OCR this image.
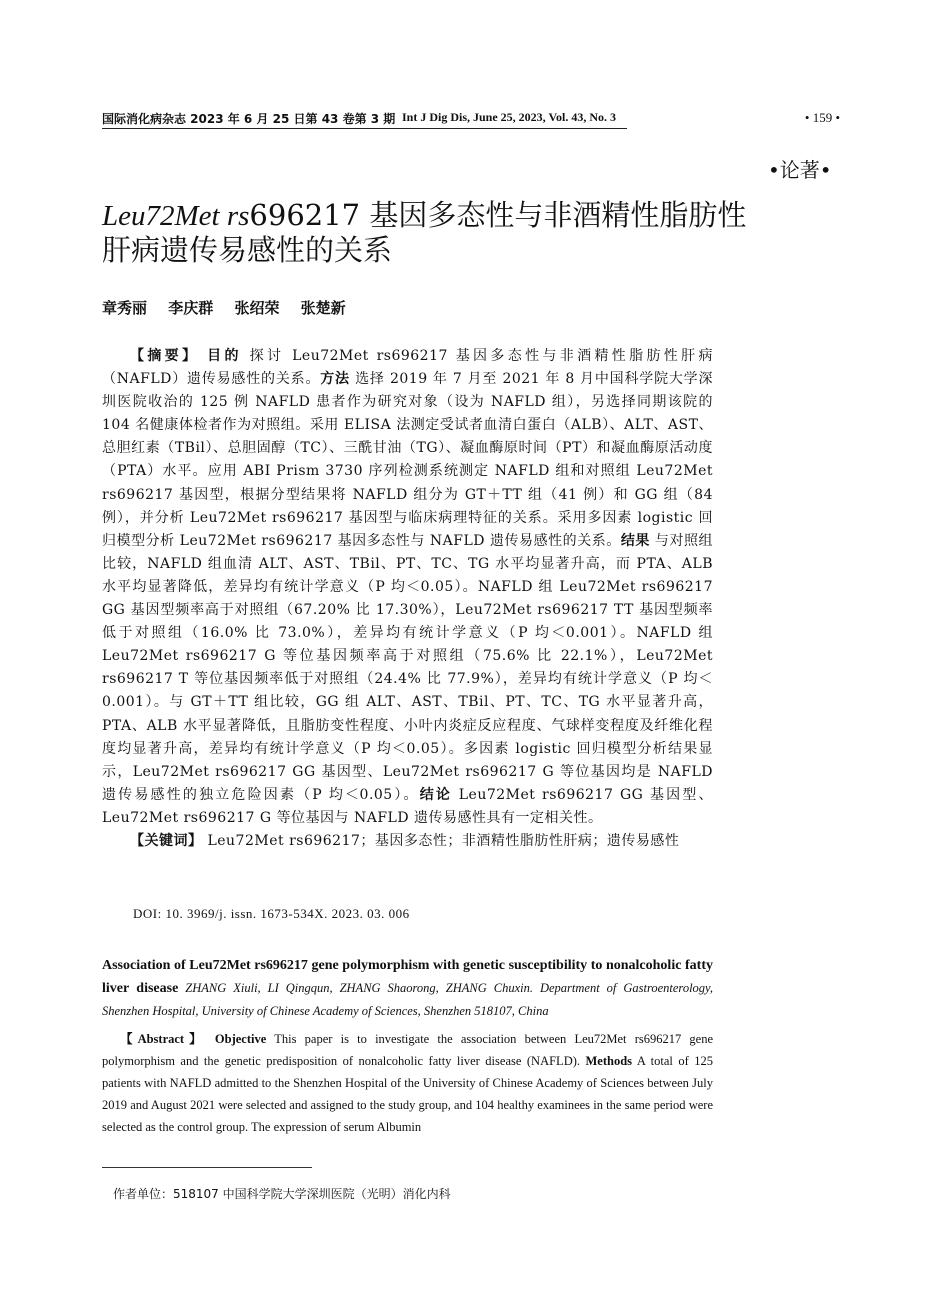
国际消化病杂志 2023 年 6 月 25 日第 43 卷第 3 期 Int J Dig Dis, June 25, 2023, Vol. 43, No. 3	• 159 •
•论著•
Leu72Met rs696217 基因多态性与非酒精性脂肪性
肝病遗传易感性的关系
章秀丽 李庆群 张绍荣 张楚新

【摘要】 目的 探讨 Leu72Met rs696217 基因多态性与非酒精性脂肪性肝病（NAFLD）遗传易感性的关系。方法 选择 2019 年 7 月至 2021 年 8 月中国科学院大学深圳医院收治的 125 例 NAFLD 患者作为研究对象（设为 NAFLD 组），另选择同期该院的 104 名健康体检者作为对照组。采用 ELISA 法测定受试者血清白蛋白（ALB）、ALT、AST、总胆红素（TBil）、总胆固醇（TC）、三酰甘油（TG）、凝血酶原时间（PT）和凝血酶原活动度（PTA）水平。应用 ABI Prism 3730 序列检测系统测定 NAFLD 组和对照组 Leu72Met rs696217 基因型，根据分型结果将 NAFLD 组分为 GT＋TT 组（41 例）和 GG 组（84 例），并分析 Leu72Met rs696217 基因型与临床病理特征的关系。采用多因素 logistic 回归模型分析 Leu72Met rs696217 基因多态性与 NAFLD 遗传易感性的关系。结果 与对照组比较，NAFLD 组血清 ALT、AST、TBil、PT、TC、TG 水平均显著升高，而 PTA、ALB 水平均显著降低，差异均有统计学意义（P 均＜0.05）。NAFLD 组 Leu72Met rs696217 GG 基因型频率高于对照组（67.20% 比 17.30%），Leu72Met rs696217 TT 基因型频率低于对照组（16.0% 比 73.0%），差异均有统计学意义（P 均＜0.001）。NAFLD 组 Leu72Met rs696217 G 等位基因频率高于对照组（75.6% 比 22.1%），Leu72Met rs696217 T 等位基因频率低于对照组（24.4% 比 77.9%），差异均有统计学意义（P 均＜0.001）。与 GT＋TT 组比较，GG 组 ALT、AST、TBil、PT、TC、TG 水平显著升高，PTA、ALB 水平显著降低，且脂肪变性程度、小叶内炎症反应程度、气球样变程度及纤维化程度均显著升高，差异均有统计学意义（P 均＜0.05）。多因素 logistic 回归模型分析结果显示，Leu72Met rs696217 GG 基因型、Leu72Met rs696217 G 等位基因均是 NAFLD 遗传易感性的独立危险因素（P 均＜0.05）。结论 Leu72Met rs696217 GG 基因型、Leu72Met rs696217 G 等位基因与 NAFLD 遗传易感性具有一定相关性。

【关键词】 Leu72Met rs696217；基因多态性；非酒精性脂肪性肝病；遗传易感性

DOI: 10. 3969/j. issn. 1673-534X. 2023. 03. 006

Association of Leu72Met rs696217 gene polymorphism with genetic susceptibility to nonalcoholic fatty liver disease ZHANG Xiuli, LI Qingqun, ZHANG Shaorong, ZHANG Chuxin. Department of Gastroenterology, Shenzhen Hospital, University of Chinese Academy of Sciences, Shenzhen 518107, China

【Abstract】 Objective This paper is to investigate the association between Leu72Met rs696217 gene polymorphism and the genetic predisposition of nonalcoholic fatty liver disease (NAFLD). Methods A total of 125 patients with NAFLD admitted to the Shenzhen Hospital of the University of Chinese Academy of Sciences between July 2019 and August 2021 were selected and assigned to the study group, and 104 healthy examinees in the same period were selected as the control group. The expression of serum Albumin

作者单位：518107 中国科学院大学深圳医院（光明）消化内科
